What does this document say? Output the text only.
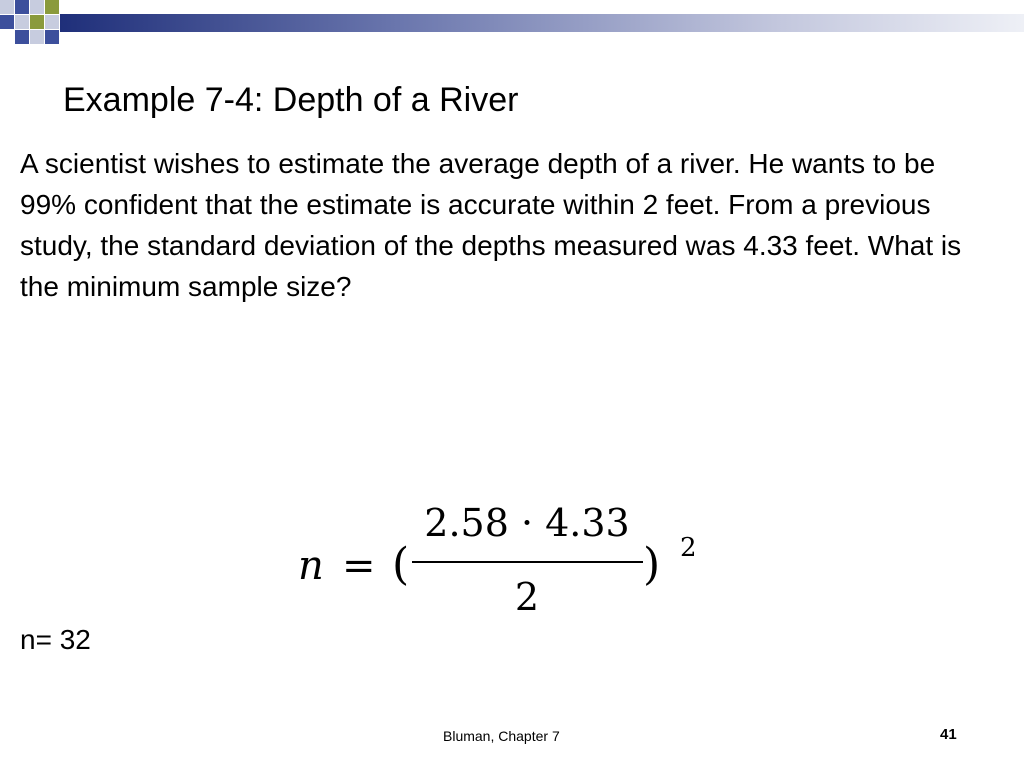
Example 7-4: Depth of a River
A scientist wishes to estimate the average depth of a river. He wants to be 99% confident that the estimate is accurate within 2 feet. From a previous study, the standard deviation of the depths measured was 4.33 feet. What is the minimum sample size?
n = (
2.58 · 4.33
2
) 2
n= 32
Bluman, Chapter 7	41
